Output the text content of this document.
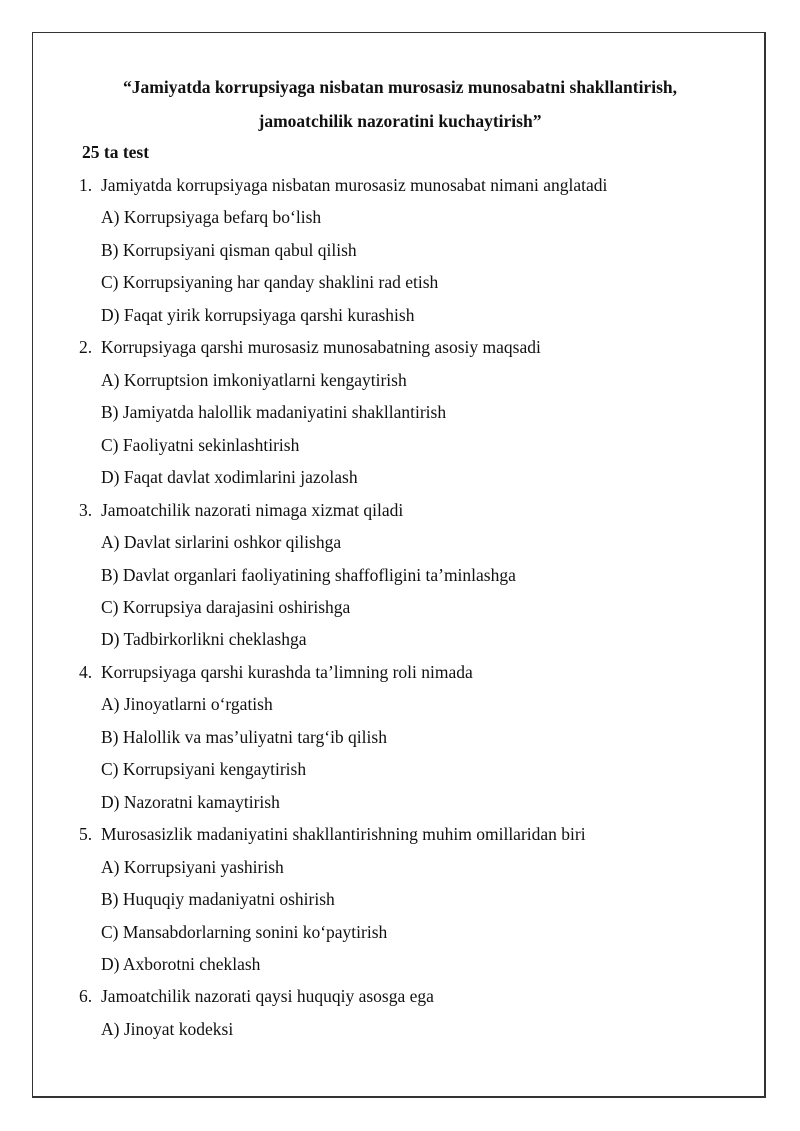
“Jamiyatda korrupsiyaga nisbatan murosasiz munosabatni shakllantirish,
jamoatchilik nazoratini kuchaytirish”
25 ta test
1. Jamiyatda korrupsiyaga nisbatan murosasiz munosabat nimani anglatadi
A) Korrupsiyaga befarq bo‘lish
B) Korrupsiyani qisman qabul qilish
C) Korrupsiyaning har qanday shaklini rad etish
D) Faqat yirik korrupsiyaga qarshi kurashish
2. Korrupsiyaga qarshi murosasiz munosabatning asosiy maqsadi
A) Korruptsion imkoniyatlarni kengaytirish
B) Jamiyatda halollik madaniyatini shakllantirish
C) Faoliyatni sekinlashtirish
D) Faqat davlat xodimlarini jazolash
3. Jamoatchilik nazorati nimaga xizmat qiladi
A) Davlat sirlarini oshkor qilishga
B) Davlat organlari faoliyatining shaffofligini ta’minlashga
C) Korrupsiya darajasini oshirishga
D) Tadbirkorlikni cheklashga
4. Korrupsiyaga qarshi kurashda ta’limning roli nimada
A) Jinoyatlarni o‘rgatish
B) Halollik va mas’uliyatni targ‘ib qilish
C) Korrupsiyani kengaytirish
D) Nazoratni kamaytirish
5. Murosasizlik madaniyatini shakllantirishning muhim omillaridan biri
A) Korrupsiyani yashirish
B) Huquqiy madaniyatni oshirish
C) Mansabdorlarning sonini ko‘paytirish
D) Axborotni cheklash
6. Jamoatchilik nazorati qaysi huquqiy asosga ega
A) Jinoyat kodeksi
